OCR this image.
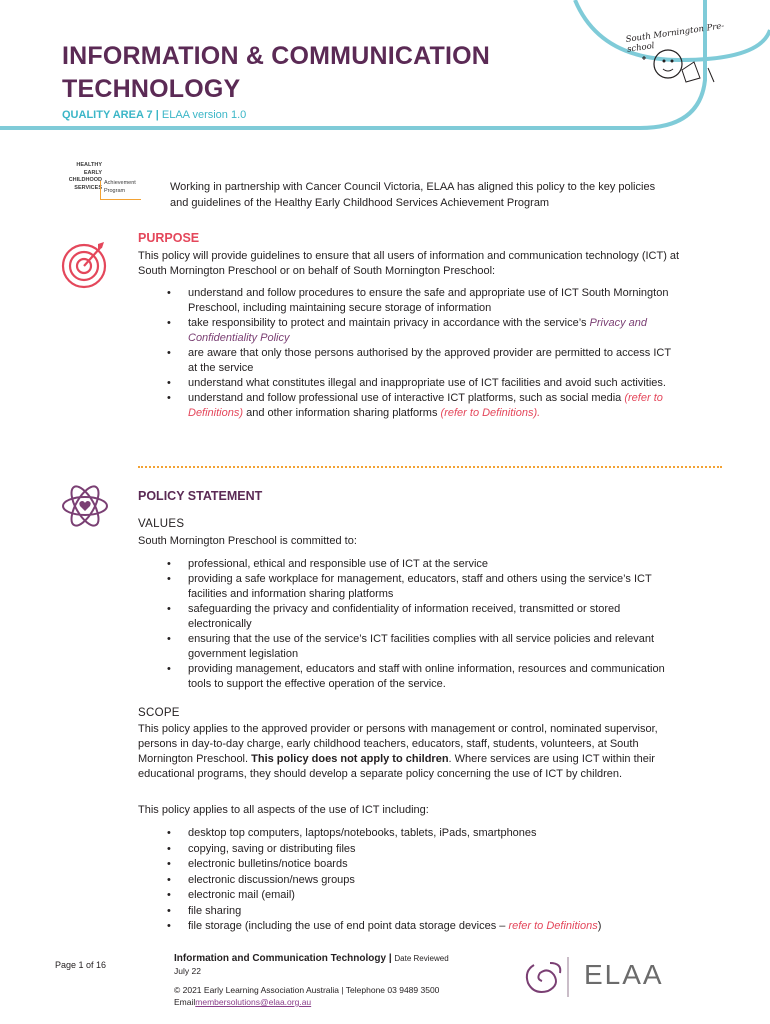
South Mornington Pre-school
INFORMATION & COMMUNICATION TECHNOLOGY
QUALITY AREA 7 | ELAA version 1.0
HEALTHY
EARLY
CHILDHOOD
SERVICES
Achievement
Program	Working in partnership with Cancer Council Victoria, ELAA has aligned this policy to the key policies and guidelines of the Healthy Early Childhood Services Achievement Program
PURPOSE
This policy will provide guidelines to ensure that all users of information and communication technology (ICT) at South Mornington Preschool or on behalf of South Mornington Preschool:
• understand and follow procedures to ensure the safe and appropriate use of ICT South Mornington Preschool, including maintaining secure storage of information
• take responsibility to protect and maintain privacy in accordance with the service’s Privacy and Confidentiality Policy
• are aware that only those persons authorised by the approved provider are permitted to access ICT at the service
• understand what constitutes illegal and inappropriate use of ICT facilities and avoid such activities.
• understand and follow professional use of interactive ICT platforms, such as social media (refer to Definitions) and other information sharing platforms (refer to Definitions).
POLICY STATEMENT
VALUES
South Mornington Preschool is committed to:
• professional, ethical and responsible use of ICT at the service
• providing a safe workplace for management, educators, staff and others using the service’s ICT facilities and information sharing platforms
• safeguarding the privacy and confidentiality of information received, transmitted or stored electronically
• ensuring that the use of the service’s ICT facilities complies with all service policies and relevant government legislation
• providing management, educators and staff with online information, resources and communication tools to support the effective operation of the service.
SCOPE
This policy applies to the approved provider or persons with management or control, nominated supervisor, persons in day-to-day charge, early childhood teachers, educators, staff, students, volunteers, at South Mornington Preschool. This policy does not apply to children. Where services are using ICT within their educational programs, they should develop a separate policy concerning the use of ICT by children.
This policy applies to all aspects of the use of ICT including:
• desktop top computers, laptops/notebooks, tablets, iPads, smartphones
• copying, saving or distributing files
• electronic bulletins/notice boards
• electronic discussion/news groups
• electronic mail (email)
• file sharing
• file storage (including the use of end point data storage devices – refer to Definitions)
Page 1 of 16
Information and Communication Technology | Date Reviewed
July 22
© 2021 Early Learning Association Australia | Telephone 03 9489 3500
Emailmembersolutions@elaa.org.au
ELAA
